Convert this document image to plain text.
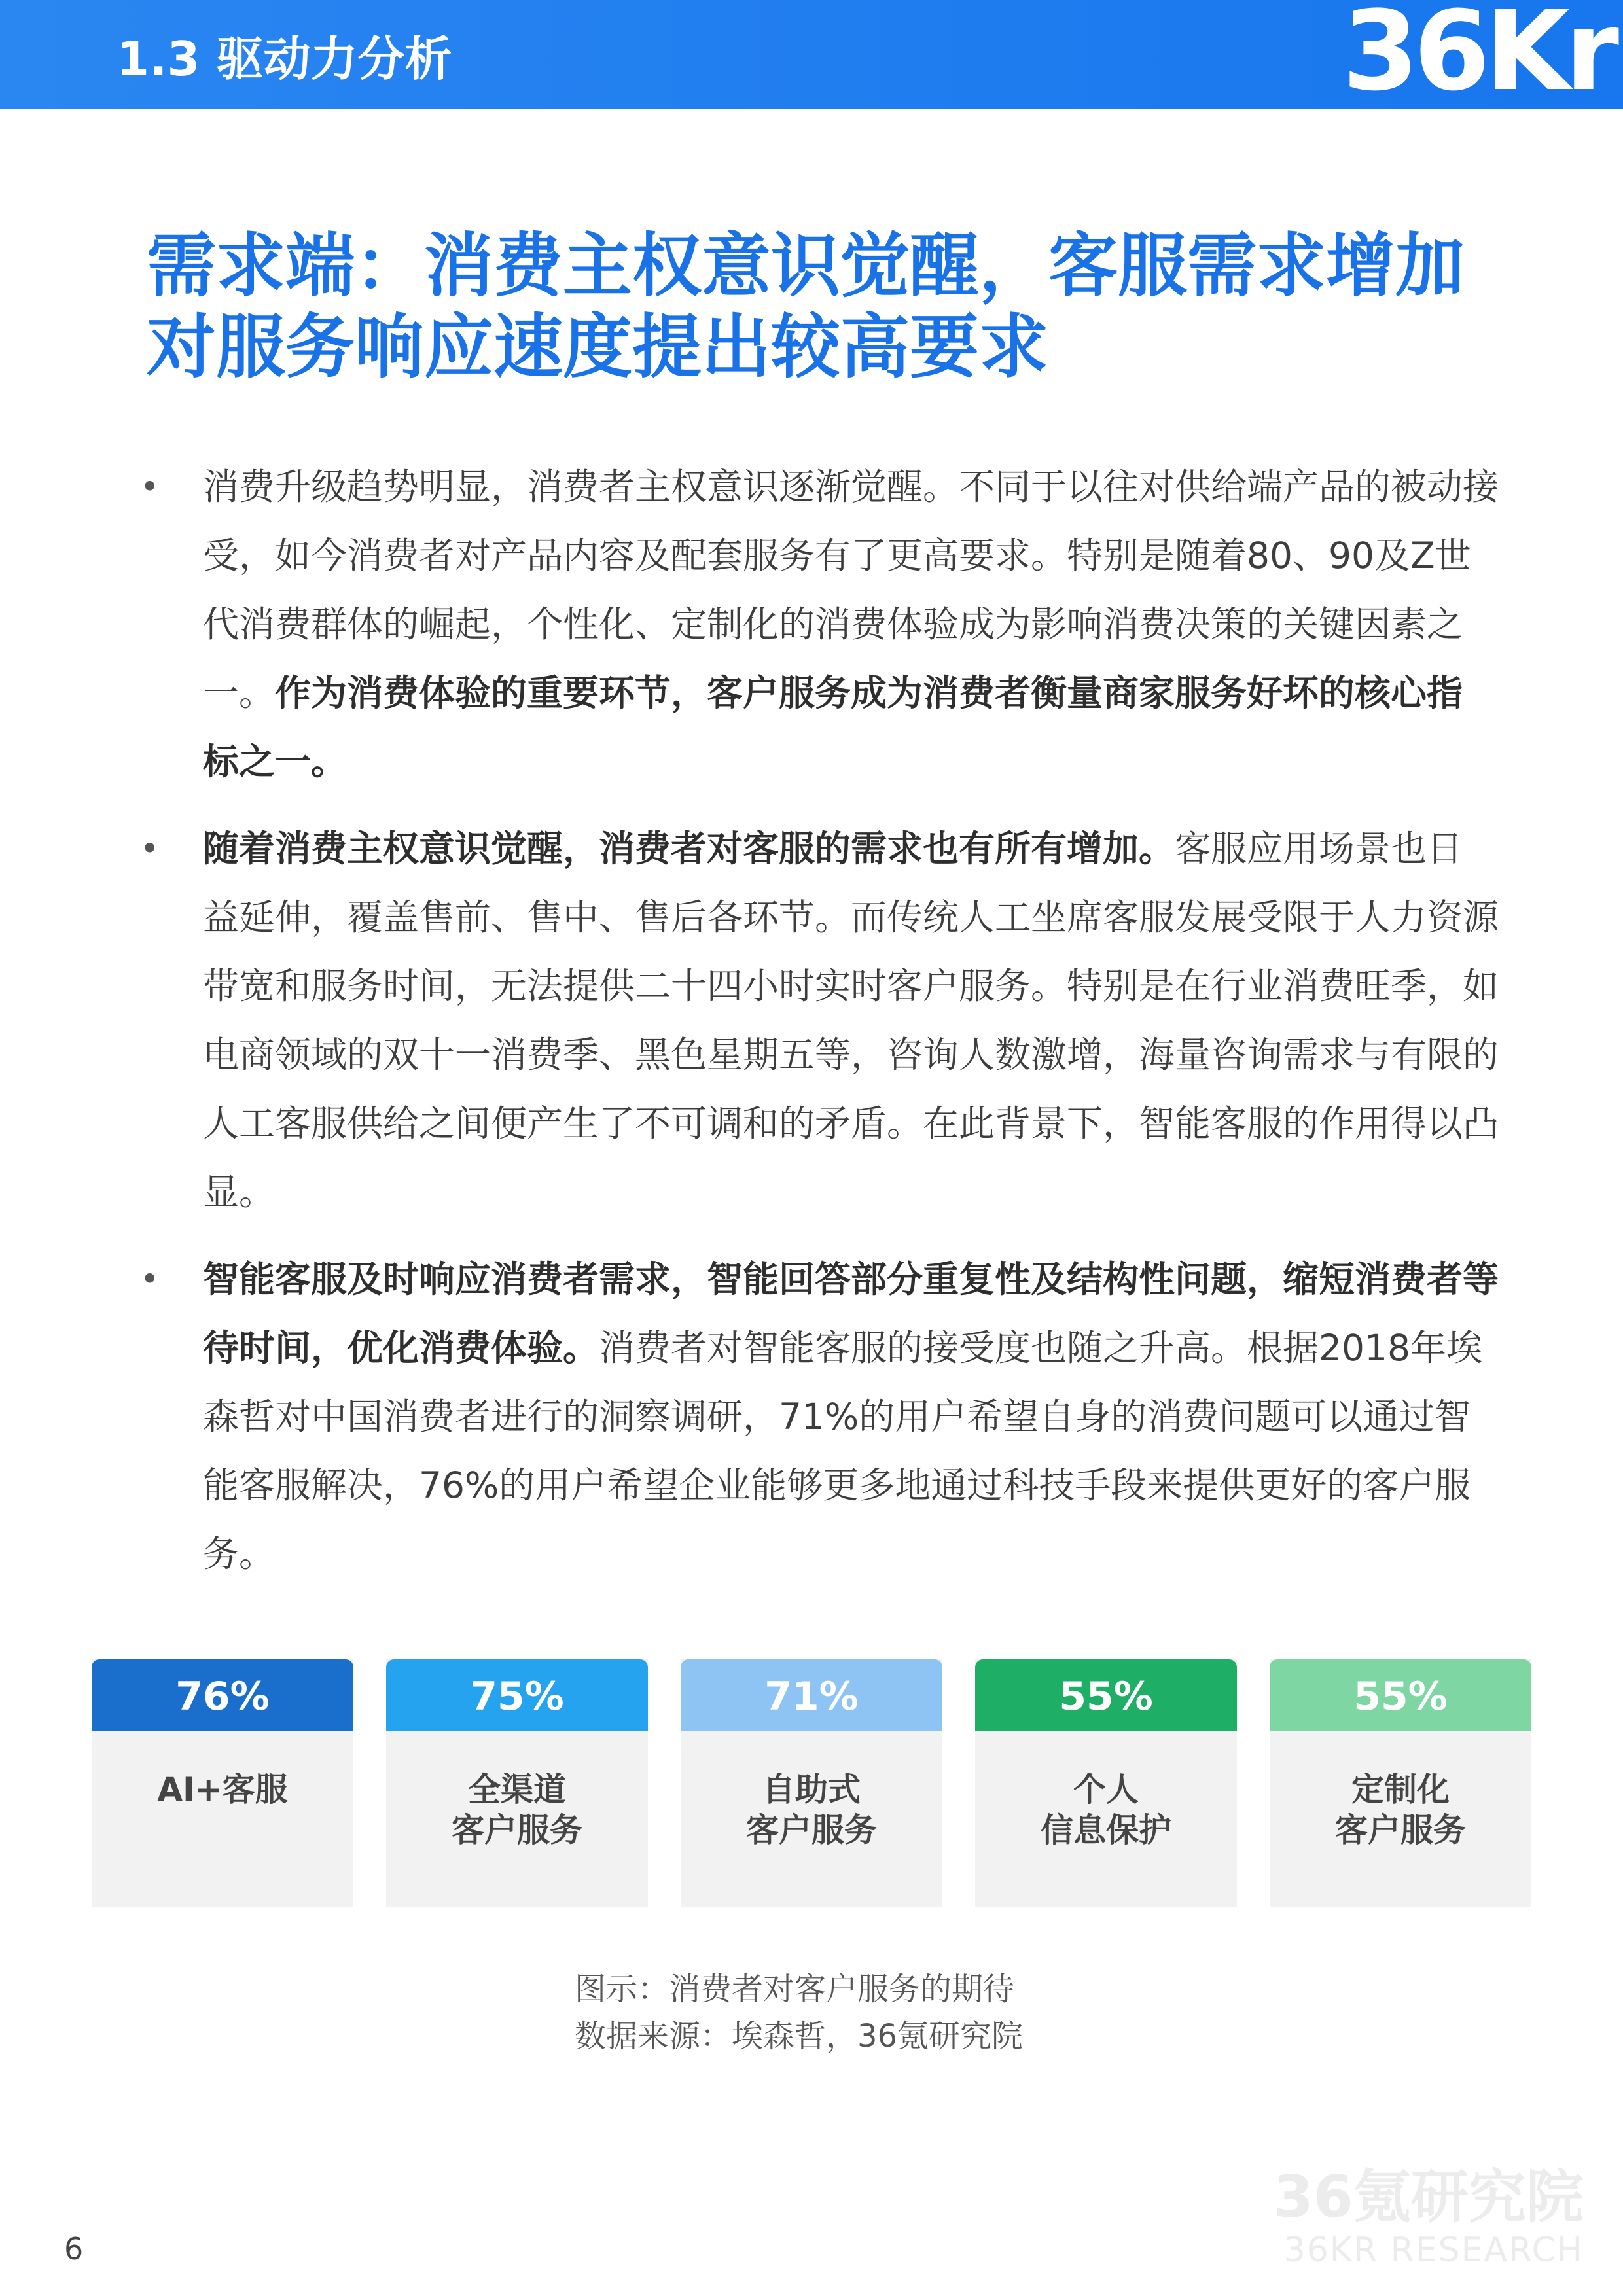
1.3 驱动力分析	36Kr
需求端：消费主权意识觉醒，客服需求增加对服务响应速度提出较高要求
• 消费升级趋势明显，消费者主权意识逐渐觉醒。不同于以往对供给端产品的被动接受，如今消费者对产品内容及配套服务有了更高要求。特别是随着80、90及Z世代消费群体的崛起，个性化、定制化的消费体验成为影响消费决策的关键因素之一。作为消费体验的重要环节，客户服务成为消费者衡量商家服务好坏的核心指标之一。
• 随着消费主权意识觉醒，消费者对客服的需求也有所有增加。客服应用场景也日益延伸，覆盖售前、售中、售后各环节。而传统人工坐席客服发展受限于人力资源带宽和服务时间，无法提供二十四小时实时客户服务。特别是在行业消费旺季，如电商领域的双十一消费季、黑色星期五等，咨询人数激增，海量咨询需求与有限的人工客服供给之间便产生了不可调和的矛盾。在此背景下，智能客服的作用得以凸显。
• 智能客服及时响应消费者需求，智能回答部分重复性及结构性问题，缩短消费者等待时间，优化消费体验。消费者对智能客服的接受度也随之升高。根据2018年埃森哲对中国消费者进行的洞察调研，71%的用户希望自身的消费问题可以通过智能客服解决，76%的用户希望企业能够更多地通过科技手段来提供更好的客户服务。
76%
AI+客服
75%
全渠道
客户服务
71%
自助式
客户服务
55%
个人
信息保护
55%
定制化
客户服务
图示：消费者对客户服务的期待
数据来源：埃森哲，36氪研究院
36氪研究院
36KR RESEARCH
6
